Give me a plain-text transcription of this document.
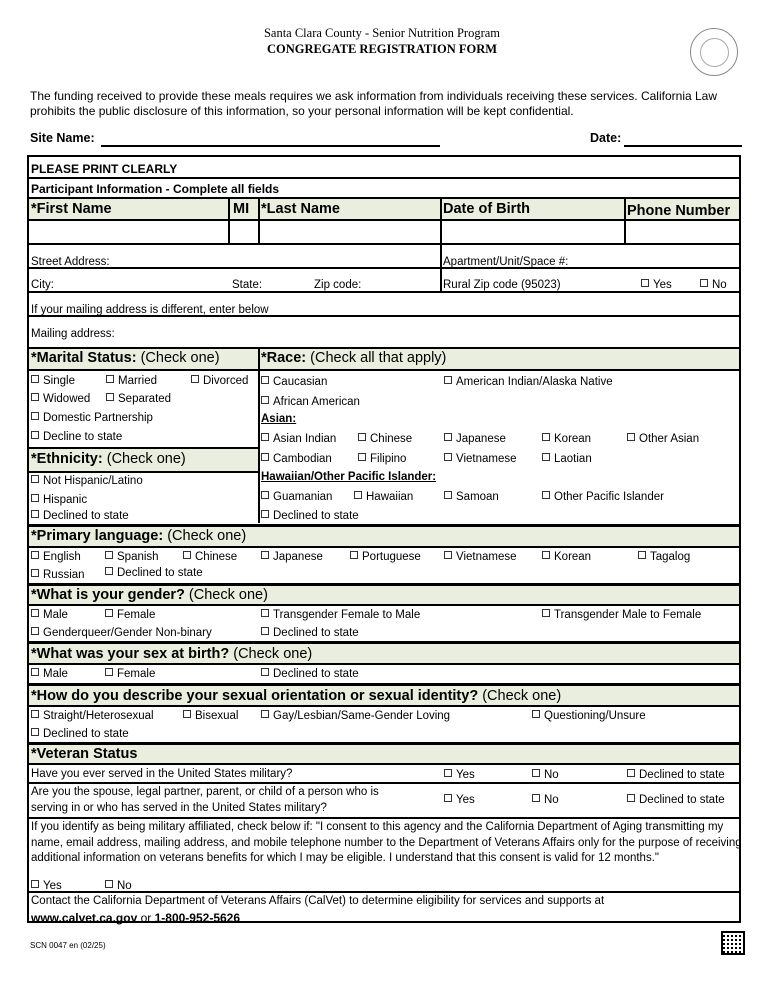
Santa Clara County - Senior Nutrition Program
CONGREGATE REGISTRATION FORM
The funding received to provide these meals requires we ask information from individuals receiving these services. California Law prohibits the public disclosure of this information, so your personal information will be kept confidential.
Site Name:	Date:
PLEASE PRINT CLEARLY
Participant Information - Complete all fields
*First Name	MI *Last Name	Date of Birth	Phone Number
Street Address:	Apartment/Unit/Space #:
City:	State:	Zip code:	Rural Zip code (95023)	Yes	No
If your mailing address is different, enter below
Mailing address:
*Marital Status: (Check one)	*Race: (Check all that apply)
Single	Married	Divorced
Widowed	Separated
Domestic Partnership
Decline to state
*Ethnicity: (Check one)
Not Hispanic/Latino
Hispanic
Declined to state
Caucasian	American Indian/Alaska Native
African American
Asian:
Asian Indian	Chinese	Japanese	Korean	Other Asian
Cambodian	Filipino	Vietnamese	Laotian
Hawaiian/Other Pacific Islander:
Guamanian	Hawaiian	Samoan	Other Pacific Islander
Declined to state
*Primary language: (Check one)
English	Spanish	Chinese	Japanese	Portuguese	Vietnamese	Korean	Tagalog
Russian	Declined to state
*What is your gender? (Check one)
Male	Female	Transgender Female to Male	Transgender Male to Female
Genderqueer/Gender Non-binary	Declined to state
*What was your sex at birth? (Check one)
Male	Female	Declined to state
*How do you describe your sexual orientation or sexual identity? (Check one)
Straight/Heterosexual	Bisexual	Gay/Lesbian/Same-Gender Loving	Questioning/Unsure
Declined to state
*Veteran Status
Have you ever served in the United States military?	Yes	No	Declined to state
Are you the spouse, legal partner, parent, or child of a person who is
serving in or who has served in the United States military?
Yes	No	Declined to state
If you identify as being military affiliated, check below if: "I consent to this agency and the California Department of Aging transmitting my name, email address, mailing address, and mobile telephone number to the Department of Veterans Affairs only for the purpose of receiving additional information on veterans benefits for which I may be eligible. I understand that this consent is valid for 12 months."
Yes	No
Contact the California Department of Veterans Affairs (CalVet) to determine eligibility for services and supports at
www.calvet.ca.gov or 1-800-952-5626
SCN 0047 en (02/25)
